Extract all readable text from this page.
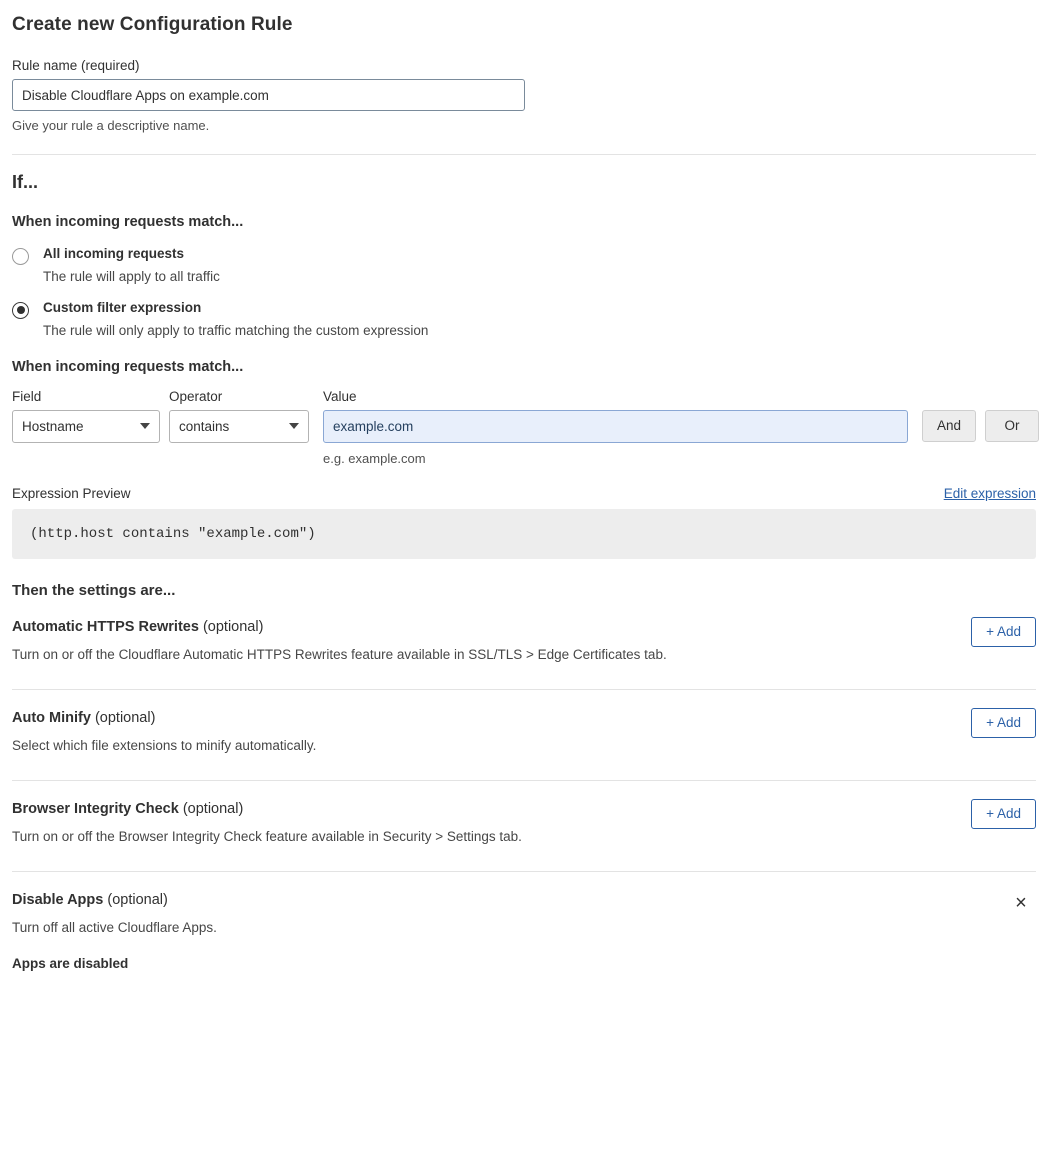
Create new Configuration Rule
Rule name (required)
Disable Cloudflare Apps on example.com
Give your rule a descriptive name.
If...
When incoming requests match...
All incoming requests
The rule will apply to all traffic
Custom filter expression
The rule will only apply to traffic matching the custom expression
When incoming requests match...
Field
Hostname
Operator
contains
Value
example.com
e.g. example.com

And
	Or
Expression Preview	Edit expression
(http.host contains "example.com")
Then the settings are...
Automatic HTTPS Rewrites (optional)
Turn on or off the Cloudflare Automatic HTTPS Rewrites feature available in SSL/TLS > Edge Certificates tab.
+ Add
Auto Minify (optional)
Select which file extensions to minify automatically.
+ Add
Browser Integrity Check (optional)
Turn on or off the Browser Integrity Check feature available in Security > Settings tab.
+ Add
Disable Apps (optional)
Turn off all active Cloudflare Apps.
×
Apps are disabled
